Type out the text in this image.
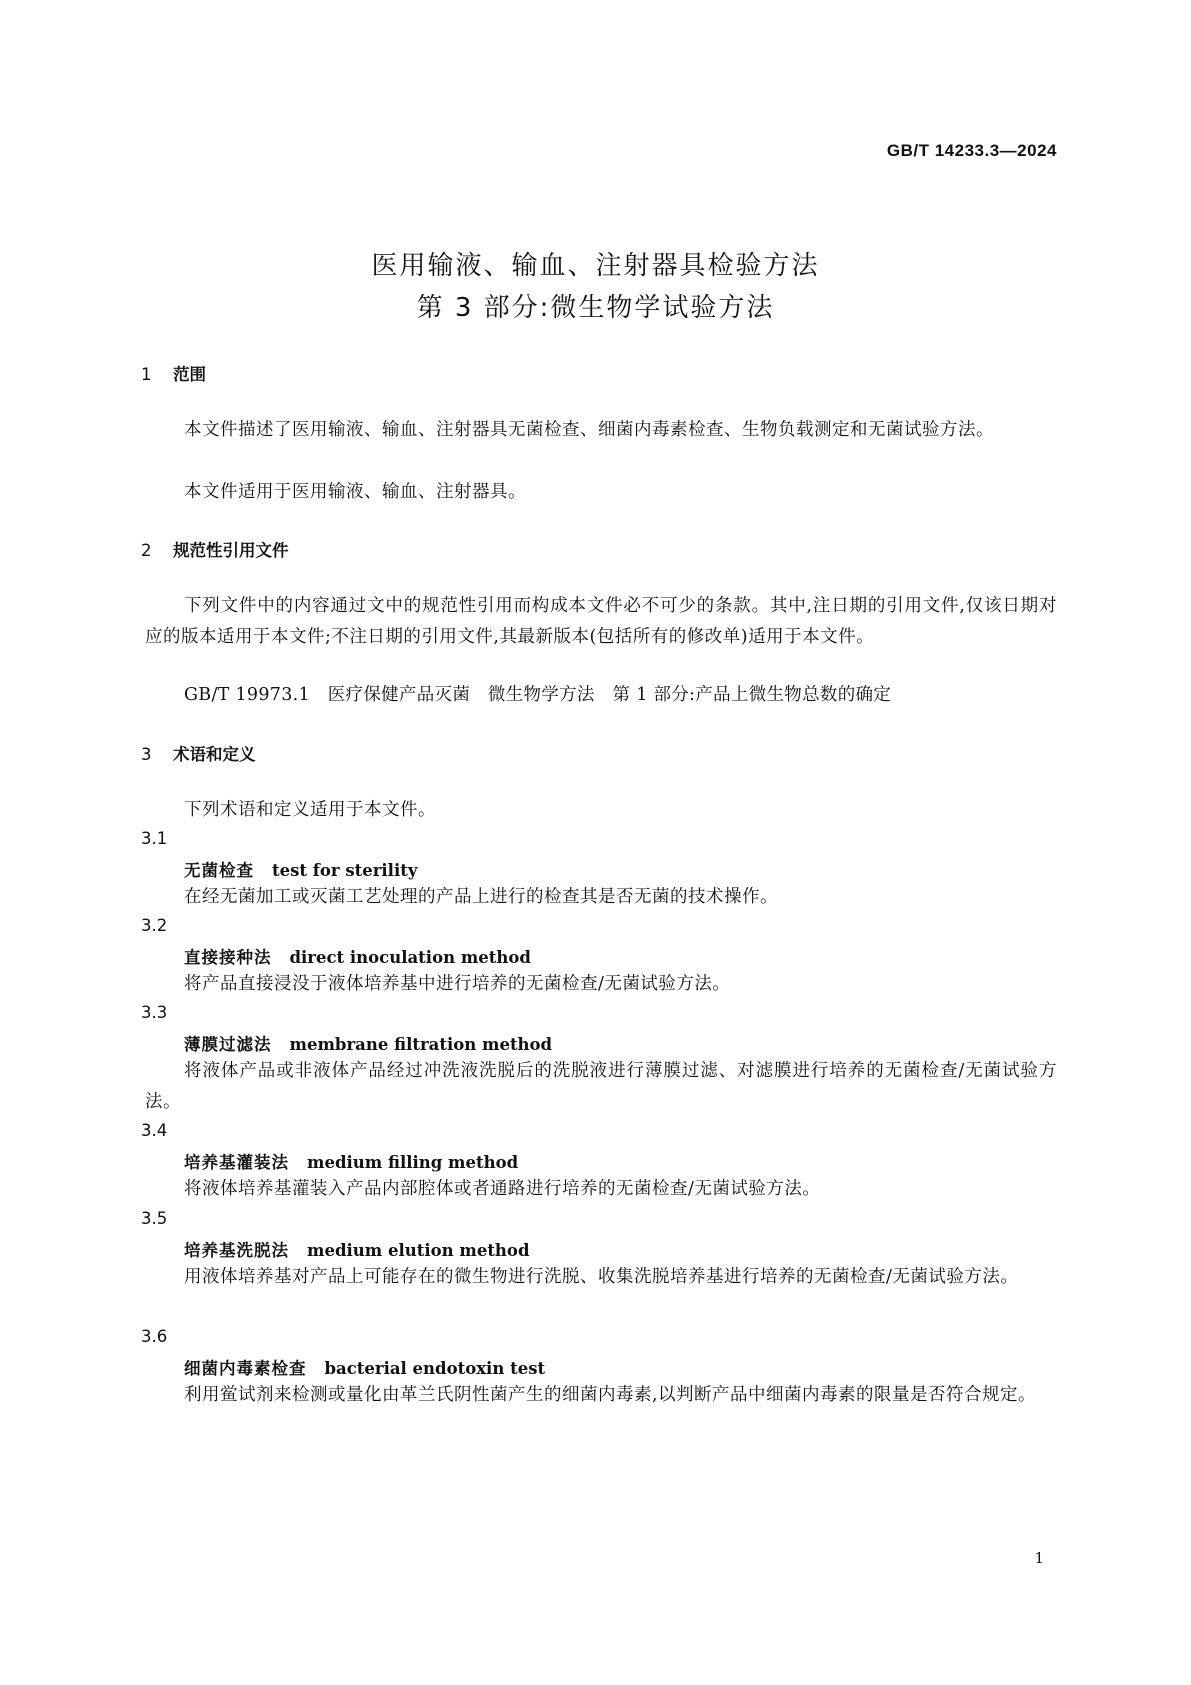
GB/T 14233.3—2024
医用输液、输血、注射器具检验方法
第 3 部分:微生物学试验方法
1 范围
本文件描述了医用输液、输血、注射器具无菌检查、细菌内毒素检查、生物负载测定和无菌试验方法。
本文件适用于医用输液、输血、注射器具。
2 规范性引用文件
下列文件中的内容通过文中的规范性引用而构成本文件必不可少的条款。其中,注日期的引用文件,仅该日期对应的版本适用于本文件;不注日期的引用文件,其最新版本(包括所有的修改单)适用于本文件。
GB/T 19973.1　医疗保健产品灭菌　微生物学方法　第 1 部分:产品上微生物总数的确定
3 术语和定义
下列术语和定义适用于本文件。
3.1
无菌检查 test for sterility
在经无菌加工或灭菌工艺处理的产品上进行的检查其是否无菌的技术操作。
3.2
直接接种法 direct inoculation method
将产品直接浸没于液体培养基中进行培养的无菌检查/无菌试验方法。
3.3
薄膜过滤法 membrane filtration method
将液体产品或非液体产品经过冲洗液洗脱后的洗脱液进行薄膜过滤、对滤膜进行培养的无菌检查/无菌试验方法。
3.4
培养基灌装法 medium filling method
将液体培养基灌装入产品内部腔体或者通路进行培养的无菌检查/无菌试验方法。
3.5
培养基洗脱法 medium elution method
用液体培养基对产品上可能存在的微生物进行洗脱、收集洗脱培养基进行培养的无菌检查/无菌试验方法。
3.6
细菌内毒素检查 bacterial endotoxin test
利用鲎试剂来检测或量化由革兰氏阴性菌产生的细菌内毒素,以判断产品中细菌内毒素的限量是否符合规定。
1
